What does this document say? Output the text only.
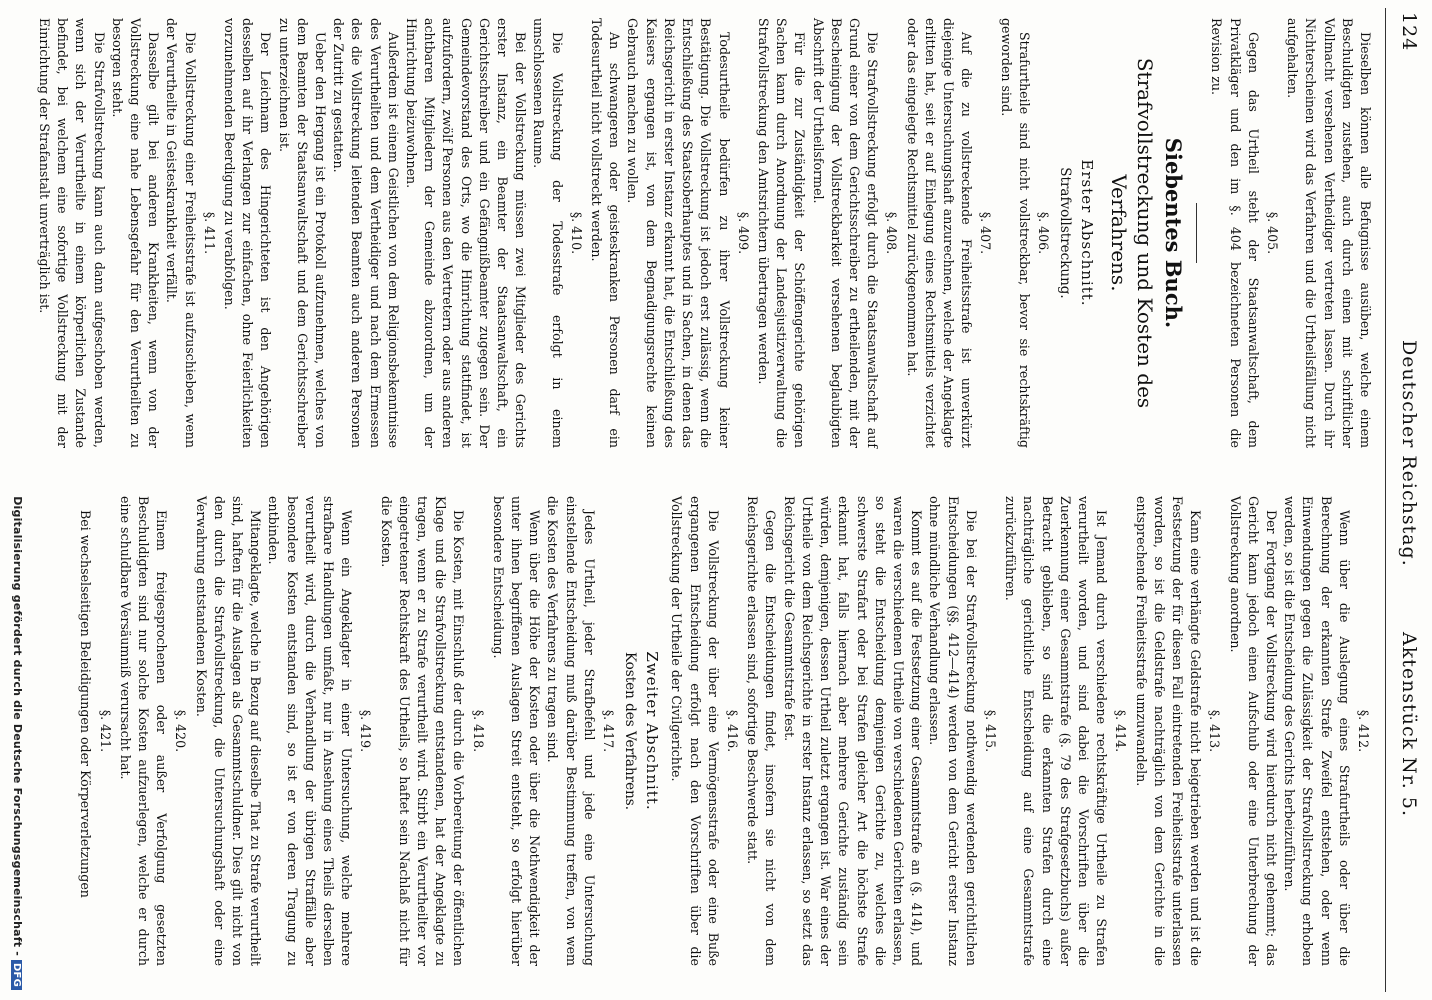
124
Deutscher Reichstag.
Aktenstück Nr. 5.

Dieselben können alle Befugnisse ausüben, welche einem Beschuldigten zustehen, auch durch einen mit schriftlicher Vollmacht versehenen Vertheidiger vertreten lassen. Durch ihr Nichterscheinen wird das Verfahren und die Urtheilsfällung nicht aufgehalten.

§. 405.

Gegen das Urtheil steht der Staatsanwaltschaft, dem Privatkläger und den im §. 404 bezeichneten Personen die Revision zu.

Siebentes Buch.

Strafvollstreckung und Kosten des Verfahrens.

Erster Abschnitt.

Strafvollstreckung.

§. 406.

Strafurtheile sind nicht vollstreckbar, bevor sie rechtskräftig geworden sind.

§. 407.

Auf die zu vollstreckende Freiheitsstrafe ist unverkürzt diejenige Untersuchungshaft anzurechnen, welche der Angeklagte erlitten hat, seit er auf Einlegung eines Rechtsmittels verzichtet oder das eingelegte Rechtsmittel zurückgenommen hat.

§. 408.

Die Strafvollstreckung erfolgt durch die Staatsanwaltschaft auf Grund einer von dem Gerichtsschreiber zu ertheilenden, mit der Bescheinigung der Vollstreckbarkeit versehenen beglaubigten Abschrift der Urtheilsformel.

Für die zur Zuständigkeit der Schöffengerichte gehörigen Sachen kann durch Anordnung der Landesjustizverwaltung die Strafvollstreckung den Amtsrichtern übertragen werden.

§. 409.

Todesurtheile bedürfen zu ihrer Vollstreckung keiner Bestätigung. Die Vollstreckung ist jedoch erst zulässig, wenn die Entschließung des Staatsoberhauptes und in Sachen, in denen das Reichsgericht in erster Instanz erkannt hat, die Entschließung des Kaisers ergangen ist, von dem Begnadigungsrechte keinen Gebrauch machen zu wollen.

An schwangeren oder geisteskranken Personen darf ein Todesurtheil nicht vollstreckt werden.

§. 410.

Die Vollstreckung der Todesstrafe erfolgt in einem umschlossenen Raume.

Bei der Vollstreckung müssen zwei Mitglieder des Gerichts erster Instanz, ein Beamter der Staatsanwaltschaft, ein Gerichtsschreiber und ein Gefängnißbeamter zugegen sein. Der Gemeindevorstand des Orts, wo die Hinrichtung stattfindet, ist aufzufordern, zwölf Personen aus den Vertretern oder aus anderen achtbaren Mitgliedern der Gemeinde abzuordnen, um der Hinrichtung beizuwohnen.

Außerdem ist einem Geistlichen von dem Religionsbekenntnisse des Verurtheilten und dem Vertheidiger und nach dem Ermessen des die Vollstreckung leitenden Beamten auch anderen Personen der Zutritt zu gestatten.

Ueber den Hergang ist ein Protokoll aufzunehmen, welches von dem Beamten der Staatsanwaltschaft und dem Gerichtsschreiber zu unterzeichnen ist.

Der Leichnam des Hingerichteten ist den Angehörigen desselben auf ihr Verlangen zur einfachen, ohne Feierlichkeiten vorzunehmenden Beerdigung zu verabfolgen.

§. 411.

Die Vollstreckung einer Freiheitsstrafe ist aufzuschieben, wenn der Verurtheilte in Geisteskrankheit verfällt.

Dasselbe gilt bei anderen Krankheiten, wenn von der Vollstreckung eine nahe Lebensgefahr für den Verurtheilten zu besorgen steht.

Die Strafvollstreckung kann auch dann aufgeschoben werden, wenn sich der Verurtheilte in einem körperlichen Zustande befindet, bei welchem eine sofortige Vollstreckung mit der Einrichtung der Strafanstalt unverträglich ist.

§. 412.

Wenn über die Auslegung eines Strafurtheils oder über die Berechnung der erkannten Strafe Zweifel entstehen, oder wenn Einwendungen gegen die Zulässigkeit der Strafvollstreckung erhoben werden, so ist die Entscheidung des Gerichts herbeizuführen.

Der Fortgang der Vollstreckung wird hierdurch nicht gehemmt; das Gericht kann jedoch einen Aufschub oder eine Unterbrechung der Vollstreckung anordnen.

§. 413.

Kann eine verhängte Geldstrafe nicht beigetrieben werden und ist die Festsetzung der für diesen Fall eintretenden Freiheitsstrafe unterlassen worden, so ist die Geldstrafe nachträglich von dem Gerichte in die entsprechende Freiheitsstrafe umzuwandeln.

§. 414.

Ist Jemand durch verschiedene rechtskräftige Urtheile zu Strafen verurtheilt worden, und sind dabei die Vorschriften über die Zuerkennung einer Gesammtstrafe (§. 79 des Strafgesetzbuchs) außer Betracht geblieben, so sind die erkannten Strafen durch eine nachträgliche gerichtliche Entscheidung auf eine Gesammtstrafe zurückzuführen.

§. 415.

Die bei der Strafvollstreckung nothwendig werdenden gerichtlichen Entscheidungen (§§. 412—414) werden von dem Gericht erster Instanz ohne mündliche Verhandlung erlassen.

Kommt es auf die Festsetzung einer Gesammtstrafe an (§. 414), und waren die verschiedenen Urtheile von verschiedenen Gerichten erlassen, so steht die Entscheidung demjenigen Gerichte zu, welches die schwerste Strafart oder bei Strafen gleicher Art die höchste Strafe erkannt hat, falls hiernach aber mehrere Gerichte zuständig sein würden, demjenigen, dessen Urtheil zuletzt ergangen ist. War eines der Urtheile von dem Reichsgerichte in erster Instanz erlassen, so setzt das Reichsgericht die Gesammtstrafe fest.

Gegen die Entscheidungen findet, insofern sie nicht von dem Reichsgerichte erlassen sind, sofortige Beschwerde statt.

§. 416.

Die Vollstreckung der über eine Vermögensstrafe oder eine Buße ergangenen Entscheidung erfolgt nach den Vorschriften über die Vollstreckung der Urtheile der Civilgerichte.

Zweiter Abschnitt.

Kosten des Verfahrens.

§. 417.

Jedes Urtheil, jeder Strafbefehl und jede eine Untersuchung einstellende Entscheidung muß darüber Bestimmung treffen, von wem die Kosten des Verfahrens zu tragen sind.

Wenn über die Höhe der Kosten oder über die Nothwendigkeit der unter ihnen begriffenen Auslagen Streit entsteht, so erfolgt hierüber besondere Entscheidung.

§. 418.

Die Kosten, mit Einschluß der durch die Vorbereitung der öffentlichen Klage und die Strafvollstreckung entstandenen, hat der Angeklagte zu tragen, wenn er zu Strafe verurtheilt wird. Stirbt ein Verurtheilter vor eingetretener Rechtskraft des Urtheils, so haftet sein Nachlaß nicht für die Kosten.

§. 419.

Wenn ein Angeklagter in einer Untersuchung, welche mehrere strafbare Handlungen umfaßt, nur in Ansehung eines Theils derselben verurtheilt wird, durch die Verhandlung der übrigen Straffälle aber besondere Kosten entstanden sind, so ist er von deren Tragung zu entbinden.

Mitangeklagte, welche in Bezug auf dieselbe That zu Strafe verurtheilt sind, haften für die Auslagen als Gesammtschuldner. Dies gilt nicht von den durch die Strafvollstreckung, die Untersuchungshaft oder eine Verwahrung entstandenen Kosten.

§. 420.

Einem freigesprochenen oder außer Verfolgung gesetzten Beschuldigten sind nur solche Kosten aufzuerlegen, welche er durch eine schuldbare Versäumniß verursacht hat.

§. 421.

Bei wechselseitigen Beleidigungen oder Körperverletzungen

Digitalisierung gefördert durch die Deutsche Forschungsgemeinschaft -DFG
